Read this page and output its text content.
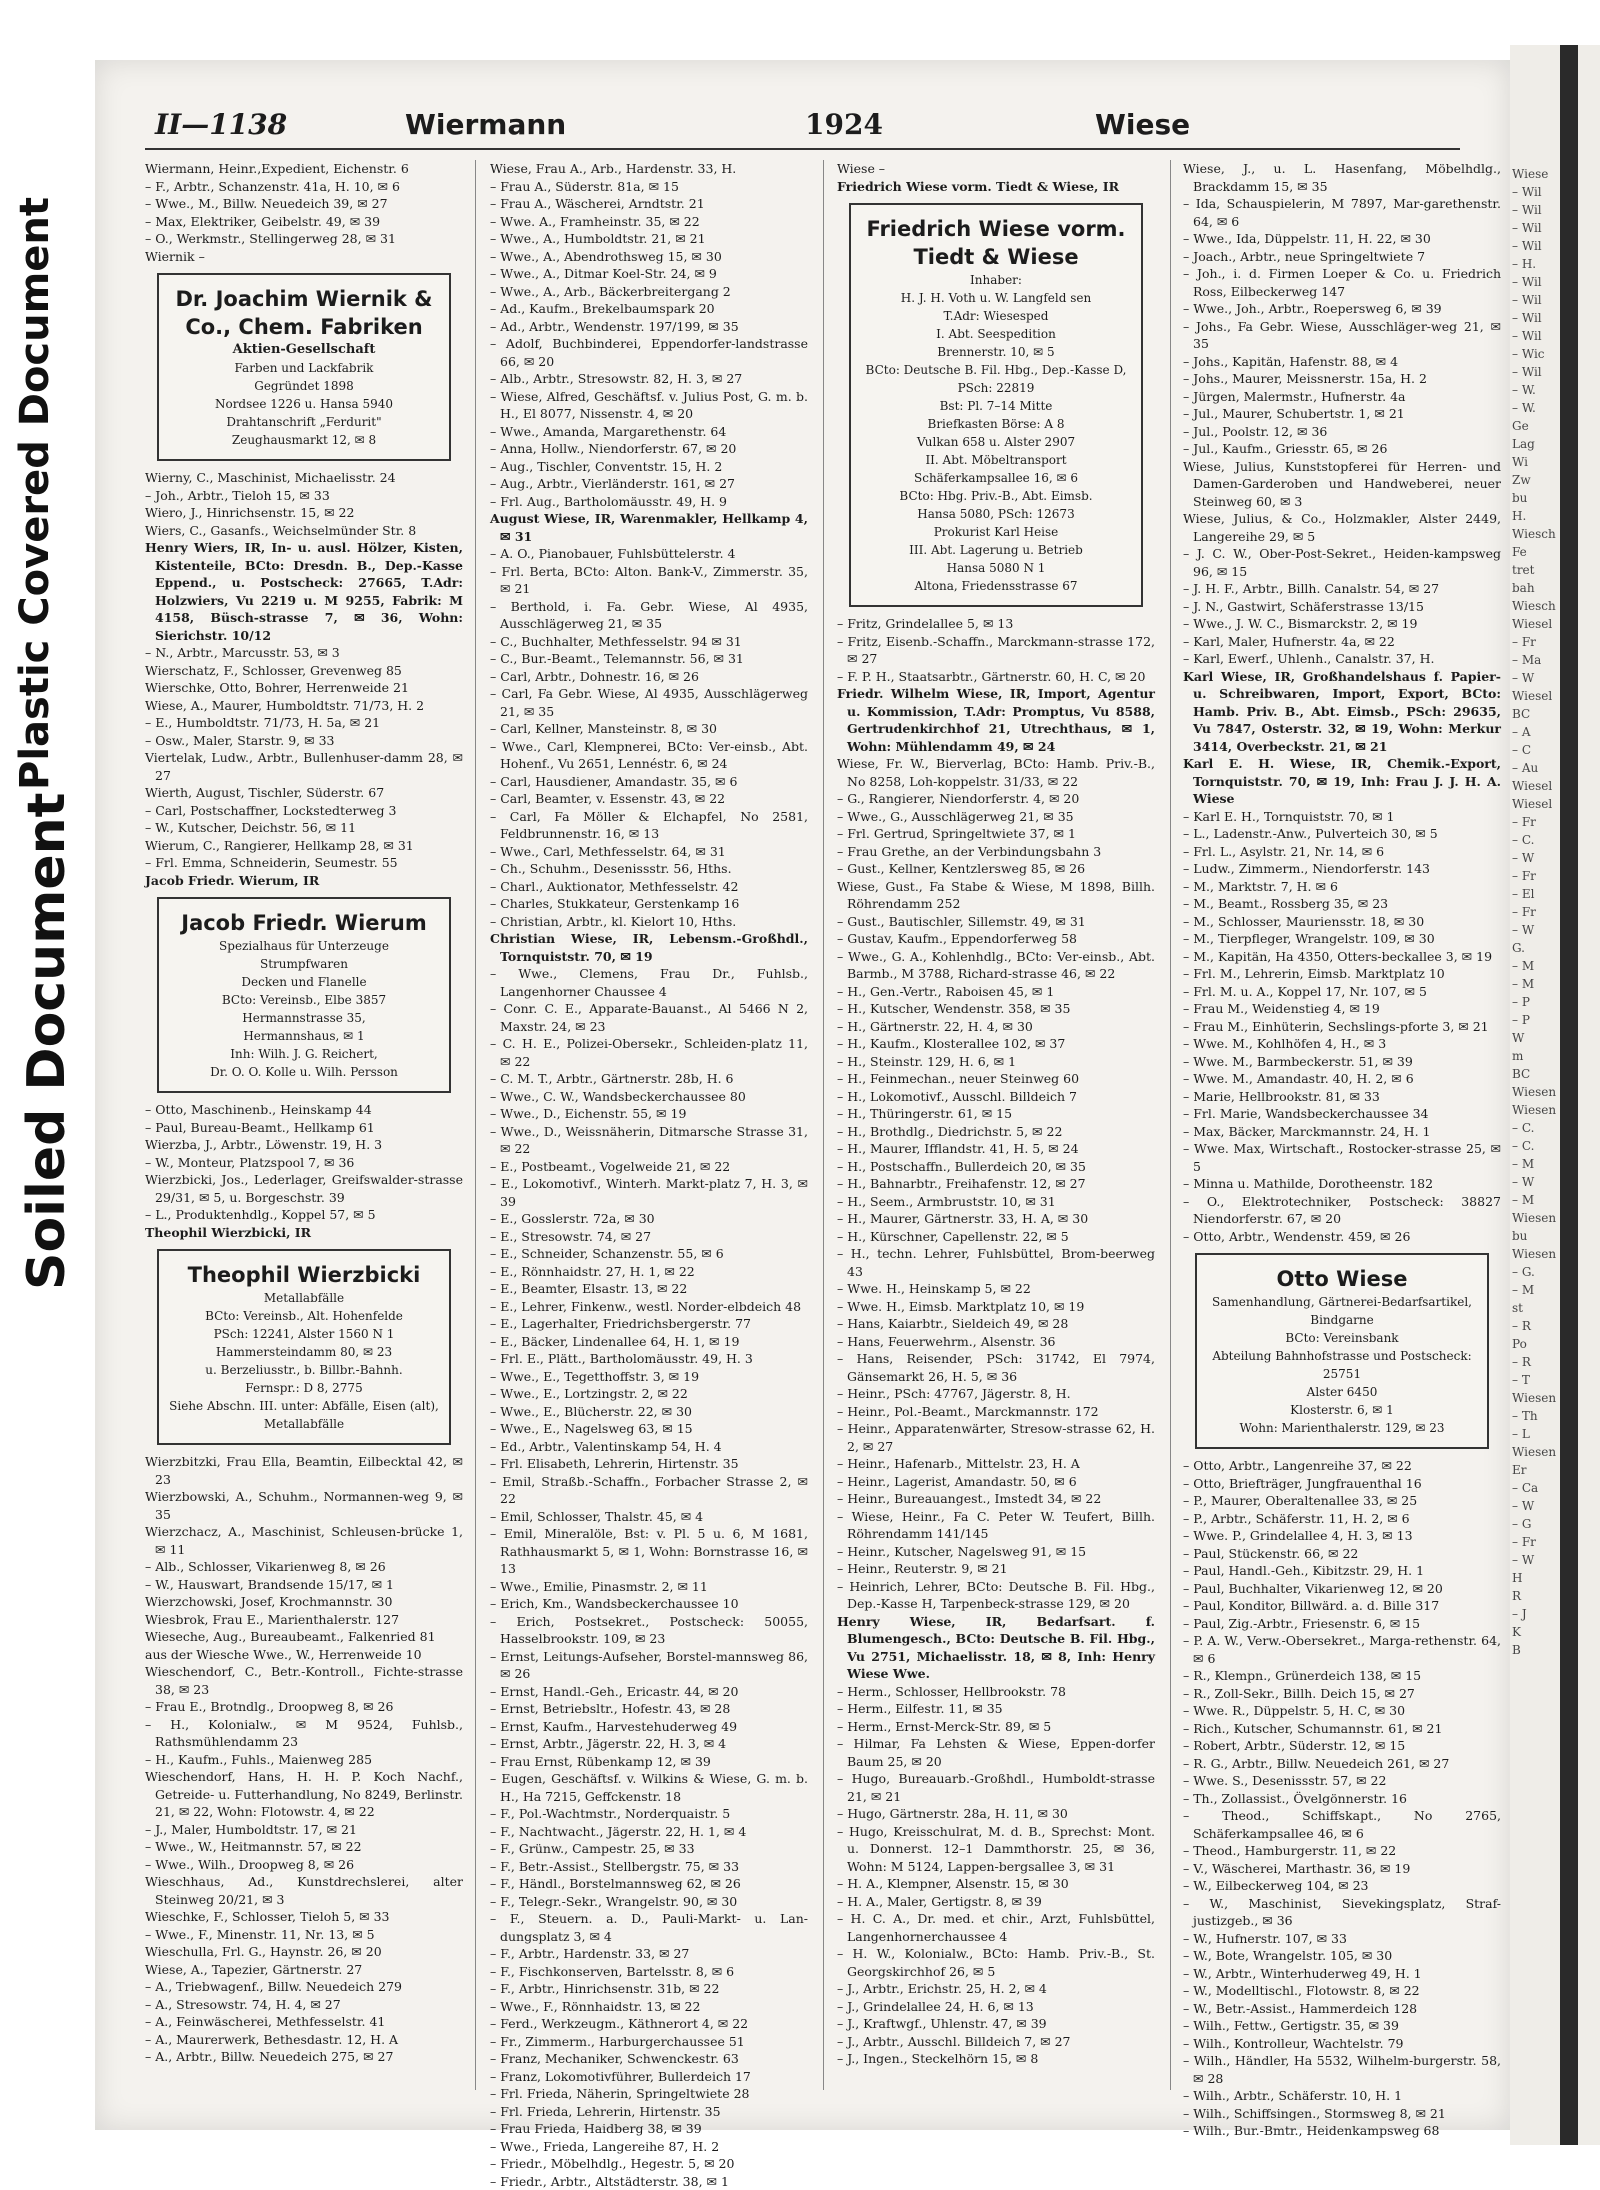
Plastic Covered Document
Soiled Document
II—1138	Wiermann	1924	Wiese

Wiermann, Heinr.,Expedient, Eichenstr. 6

– F., Arbtr., Schanzenstr. 41a, H. 10, ✉ 6

– Wwe., M., Billw. Neuedeich 39, ✉ 27

– Max, Elektriker, Geibelstr. 49, ✉ 39

– O., Werkmstr., Stellingerweg 28, ✉ 31

Wiernik –

Dr. Joachim Wiernik & Co., Chem. Fabriken
Aktien-Gesellschaft

Farben und Lackfabrik

Gegründet 1898

Nordsee 1226 u. Hansa 5940

Drahtanschrift „Ferdurit"

Zeughausmarkt 12, ✉ 8

Wierny, C., Maschinist, Michaelisstr. 24

– Joh., Arbtr., Tieloh 15, ✉ 33

Wiero, J., Hinrichsenstr. 15, ✉ 22

Wiers, C., Gasanfs., Weichselmünder Str. 8

Henry Wiers, IR, In- u. ausl. Hölzer, Kisten, Kistenteile, BCto: Dresdn. B., Dep.-Kasse Eppend., u. Postscheck: 27665, T.Adr: Holzwiers, Vu 2219 u. M 9255, Fabrik: M 4158, Büsch-strasse 7, ✉ 36, Wohn: Sierichstr. 10/12

– N., Arbtr., Marcusstr. 53, ✉ 3

Wierschatz, F., Schlosser, Grevenweg 85

Wierschke, Otto, Bohrer, Herrenweide 21

Wiese, A., Maurer, Humboldtstr. 71/73, H. 2

– E., Humboldtstr. 71/73, H. 5a, ✉ 21

– Osw., Maler, Starstr. 9, ✉ 33

Viertelak, Ludw., Arbtr., Bullenhuser-damm 28, ✉ 27

Wierth, August, Tischler, Süderstr. 67

– Carl, Postschaffner, Lockstedterweg 3

– W., Kutscher, Deichstr. 56, ✉ 11

Wierum, C., Rangierer, Hellkamp 28, ✉ 31

– Frl. Emma, Schneiderin, Seumestr. 55

Jacob Friedr. Wierum, IR

Jacob Friedr. Wierum

Spezialhaus für Unterzeuge

Strumpfwaren

Decken und Flanelle

BCto: Vereinsb., Elbe 3857

Hermannstrasse 35,

Hermannshaus, ✉ 1

Inh: Wilh. J. G. Reichert,

Dr. O. O. Kolle u. Wilh. Persson

– Otto, Maschinenb., Heinskamp 44

– Paul, Bureau-Beamt., Hellkamp 61

Wierzba, J., Arbtr., Löwenstr. 19, H. 3

– W., Monteur, Platzspool 7, ✉ 36

Wierzbicki, Jos., Lederlager, Greifswalder-strasse 29/31, ✉ 5, u. Borgeschstr. 39

– L., Produktenhdlg., Koppel 57, ✉ 5

Theophil Wierzbicki, IR

Theophil Wierzbicki

Metallabfälle

BCto: Vereinsb., Alt. Hohenfelde

PSch: 12241, Alster 1560 N 1

Hammersteindamm 80, ✉ 23

u. Berzeliusstr., b. Billbr.-Bahnh.

Fernspr.: D 8, 2775

Siehe Abschn. III. unter: Abfälle, Eisen (alt), Metallabfälle

Wierzbitzki, Frau Ella, Beamtin, Eilbecktal 42, ✉ 23

Wierzbowski, A., Schuhm., Normannen-weg 9, ✉ 35

Wierzchacz, A., Maschinist, Schleusen-brücke 1, ✉ 11

– Alb., Schlosser, Vikarienweg 8, ✉ 26

– W., Hauswart, Brandsende 15/17, ✉ 1

Wierzchowski, Josef, Krochmannstr. 30

Wiesbrok, Frau E., Marienthalerstr. 127

Wieseche, Aug., Bureaubeamt., Falkenried 81

aus der Wiesche Wwe., W., Herrenweide 10

Wieschendorf, C., Betr.-Kontroll., Fichte-strasse 38, ✉ 23

– Frau E., Brotndlg., Droopweg 8, ✉ 26

– H., Kolonialw., ✉ M 9524, Fuhlsb., Rathsmühlendamm 23

– H., Kaufm., Fuhls., Maienweg 285

Wieschendorf, Hans, H. H. P. Koch Nachf., Getreide- u. Futterhandlung, No 8249, Berlinstr. 21, ✉ 22, Wohn: Flotowstr. 4, ✉ 22

– J., Maler, Humboldtstr. 17, ✉ 21

– Wwe., W., Heitmannstr. 57, ✉ 22

– Wwe., Wilh., Droopweg 8, ✉ 26

Wieschhaus, Ad., Kunstdrechslerei, alter Steinweg 20/21, ✉ 3

Wieschke, F., Schlosser, Tieloh 5, ✉ 33

– Wwe., F., Minenstr. 11, Nr. 13, ✉ 5

Wieschulla, Frl. G., Haynstr. 26, ✉ 20

Wiese, A., Tapezier, Gärtnerstr. 27

– A., Triebwagenf., Billw. Neuedeich 279

– A., Stresowstr. 74, H. 4, ✉ 27

– A., Feinwäscherei, Methfesselstr. 41

– A., Maurerwerk, Bethesdastr. 12, H. A

– A., Arbtr., Billw. Neuedeich 275, ✉ 27

Wiese, Frau A., Arb., Hardenstr. 33, H.

– Frau A., Süderstr. 81a, ✉ 15

– Frau A., Wäscherei, Arndtstr. 21

– Wwe. A., Framheinstr. 35, ✉ 22

– Wwe., A., Humboldtstr. 21, ✉ 21

– Wwe., A., Abendrothsweg 15, ✉ 30

– Wwe., A., Ditmar Koel-Str. 24, ✉ 9

– Wwe., A., Arb., Bäckerbreitergang 2

– Ad., Kaufm., Brekelbaumspark 20

– Ad., Arbtr., Wendenstr. 197/199, ✉ 35

– Adolf, Buchbinderei, Eppendorfer-landstrasse 66, ✉ 20

– Alb., Arbtr., Stresowstr. 82, H. 3, ✉ 27

– Wiese, Alfred, Geschäftsf. v. Julius Post, G. m. b. H., El 8077, Nissenstr. 4, ✉ 20

– Wwe., Amanda, Margarethenstr. 64

– Anna, Hollw., Niendorferstr. 67, ✉ 20

– Aug., Tischler, Conventstr. 15, H. 2

– Aug., Arbtr., Vierländerstr. 161, ✉ 27

– Frl. Aug., Bartholomäusstr. 49, H. 9

August Wiese, IR, Warenmakler, Hellkamp 4, ✉ 31

– A. O., Pianobauer, Fuhlsbüttelerstr. 4

– Frl. Berta, BCto: Alton. Bank-V., Zimmerstr. 35, ✉ 21

– Berthold, i. Fa. Gebr. Wiese, Al 4935, Ausschlägerweg 21, ✉ 35

– C., Buchhalter, Methfesselstr. 94 ✉ 31

– C., Bur.-Beamt., Telemannstr. 56, ✉ 31

– Carl, Arbtr., Dohnestr. 16, ✉ 26

– Carl, Fa Gebr. Wiese, Al 4935, Ausschlägerweg 21, ✉ 35

– Carl, Kellner, Mansteinstr. 8, ✉ 30

– Wwe., Carl, Klempnerei, BCto: Ver-einsb., Abt. Hohenf., Vu 2651, Lennéstr. 6, ✉ 24

– Carl, Hausdiener, Amandastr. 35, ✉ 6

– Carl, Beamter, v. Essenstr. 43, ✉ 22

– Carl, Fa Möller & Elchapfel, No 2581, Feldbrunnenstr. 16, ✉ 13

– Wwe., Carl, Methfesselstr. 64, ✉ 31

– Ch., Schuhm., Desenissstr. 56, Hths.

– Charl., Auktionator, Methfesselstr. 42

– Charles, Stukkateur, Gerstenkamp 16

– Christian, Arbtr., kl. Kielort 10, Hths.

Christian Wiese, IR, Lebensm.-Großhdl., Tornquiststr. 70, ✉ 19

– Wwe., Clemens, Frau Dr., Fuhlsb., Langenhorner Chaussee 4

– Conr. C. E., Apparate-Bauanst., Al 5466 N 2, Maxstr. 24, ✉ 23

– C. H. E., Polizei-Obersekr., Schleiden-platz 11, ✉ 22

– C. M. T., Arbtr., Gärtnerstr. 28b, H. 6

– Wwe., C. W., Wandsbeckerchaussee 80

– Wwe., D., Eichenstr. 55, ✉ 19

– Wwe., D., Weissnäherin, Ditmarsche Strasse 31, ✉ 22

– E., Postbeamt., Vogelweide 21, ✉ 22

– E., Lokomotivf., Winterh. Markt-platz 7, H. 3, ✉ 39

– E., Gosslerstr. 72a, ✉ 30

– E., Stresowstr. 74, ✉ 27

– E., Schneider, Schanzenstr. 55, ✉ 6

– E., Rönnhaidstr. 27, H. 1, ✉ 22

– E., Beamter, Elsastr. 13, ✉ 22

– E., Lehrer, Finkenw., westl. Norder-elbdeich 48

– E., Lagerhalter, Friedrichsbergerstr. 77

– E., Bäcker, Lindenallee 64, H. 1, ✉ 19

– Frl. E., Plätt., Bartholomäusstr. 49, H. 3

– Wwe., E., Tegetthoffstr. 3, ✉ 19

– Wwe., E., Lortzingstr. 2, ✉ 22

– Wwe., E., Blücherstr. 22, ✉ 30

– Wwe., E., Nagelsweg 63, ✉ 15

– Ed., Arbtr., Valentinskamp 54, H. 4

– Frl. Elisabeth, Lehrerin, Hirtenstr. 35

– Emil, Straßb.-Schaffn., Forbacher Strasse 2, ✉ 22

– Emil, Schlosser, Thalstr. 45, ✉ 4

– Emil, Mineralöle, Bst: v. Pl. 5 u. 6, M 1681, Rathhausmarkt 5, ✉ 1, Wohn: Bornstrasse 16, ✉ 13

– Wwe., Emilie, Pinasmstr. 2, ✉ 11

– Erich, Km., Wandsbeckerchaussee 10

– Erich, Postsekret., Postscheck: 50055, Hasselbrookstr. 109, ✉ 23

– Ernst, Leitungs-Aufseher, Borstel-mannsweg 86, ✉ 26

– Ernst, Handl.-Geh., Ericastr. 44, ✉ 20

– Ernst, Betriebsltr., Hofestr. 43, ✉ 28

– Ernst, Kaufm., Harvestehuderweg 49

– Ernst, Arbtr., Jägerstr. 22, H. 3, ✉ 4

– Frau Ernst, Rübenkamp 12, ✉ 39

– Eugen, Geschäftsf. v. Wilkins & Wiese, G. m. b. H., Ha 7215, Geffckenstr. 18

– F., Pol.-Wachtmstr., Norderquaistr. 5

– F., Nachtwacht., Jägerstr. 22, H. 1, ✉ 4

– F., Grünw., Campestr. 25, ✉ 33

– F., Betr.-Assist., Stellbergstr. 75, ✉ 33

– F., Händl., Borstelmannsweg 62, ✉ 26

– F., Telegr.-Sekr., Wrangelstr. 90, ✉ 30

– F., Steuern. a. D., Pauli-Markt- u. Lan-dungsplatz 3, ✉ 4

– F., Arbtr., Hardenstr. 33, ✉ 27

– F., Fischkonserven, Bartelsstr. 8, ✉ 6

– F., Arbtr., Hinrichsenstr. 31b, ✉ 22

– Wwe., F., Rönnhaidstr. 13, ✉ 22

– Ferd., Werkzeugm., Käthnerort 4, ✉ 22

– Fr., Zimmerm., Harburgerchaussee 51

– Franz, Mechaniker, Schwenckestr. 63

– Franz, Lokomotivführer, Bullerdeich 17

– Frl. Frieda, Näherin, Springeltwiete 28

– Frl. Frieda, Lehrerin, Hirtenstr. 35

– Frau Frieda, Haidberg 38, ✉ 39

– Wwe., Frieda, Langereihe 87, H. 2

– Friedr., Möbelhdlg., Hegestr. 5, ✉ 20

– Friedr., Arbtr., Altstädterstr. 38, ✉ 1

Wiese –

Friedrich Wiese vorm. Tiedt & Wiese, IR

Friedrich Wiese vorm. Tiedt & Wiese

Inhaber:

H. J. H. Voth u. W. Langfeld sen

T.Adr: Wiesesped

I. Abt. Seespedition

Brennerstr. 10, ✉ 5

BCto: Deutsche B. Fil. Hbg., Dep.-Kasse D, PSch: 22819

Bst: Pl. 7–14 Mitte

Briefkasten Börse: A 8

Vulkan 658 u. Alster 2907

II. Abt. Möbeltransport

Schäferkampsallee 16, ✉ 6

BCto: Hbg. Priv.-B., Abt. Eimsb.

Hansa 5080, PSch: 12673

Prokurist Karl Heise

III. Abt. Lagerung u. Betrieb

Hansa 5080 N 1

Altona, Friedensstrasse 67

– Fritz, Grindelallee 5, ✉ 13

– Fritz, Eisenb.-Schaffn., Marckmann-strasse 172, ✉ 27

– F. P. H., Staatsarbtr., Gärtnerstr. 60, H. C, ✉ 20

Friedr. Wilhelm Wiese, IR, Import, Agentur u. Kommission, T.Adr: Promptus, Vu 8588, Gertrudenkirchhof 21, Utrechthaus, ✉ 1, Wohn: Mühlendamm 49, ✉ 24

Wiese, Fr. W., Bierverlag, BCto: Hamb. Priv.-B., No 8258, Loh-koppelstr. 31/33, ✉ 22

– G., Rangierer, Niendorferstr. 4, ✉ 20

– Wwe., G., Ausschlägerweg 21, ✉ 35

– Frl. Gertrud, Springeltwiete 37, ✉ 1

– Frau Grethe, an der Verbindungsbahn 3

– Gust., Kellner, Kentzlersweg 85, ✉ 26

Wiese, Gust., Fa Stabe & Wiese, M 1898, Billh. Röhrendamm 252

– Gust., Bautischler, Sillemstr. 49, ✉ 31

– Gustav, Kaufm., Eppendorferweg 58

– Wwe., G. A., Kohlenhdlg., BCto: Ver-einsb., Abt. Barmb., M 3788, Richard-strasse 46, ✉ 22

– H., Gen.-Vertr., Raboisen 45, ✉ 1

– H., Kutscher, Wendenstr. 358, ✉ 35

– H., Gärtnerstr. 22, H. 4, ✉ 30

– H., Kaufm., Klosterallee 102, ✉ 37

– H., Steinstr. 129, H. 6, ✉ 1

– H., Feinmechan., neuer Steinweg 60

– H., Lokomotivf., Ausschl. Billdeich 7

– H., Thüringerstr. 61, ✉ 15

– H., Brothdlg., Diedrichstr. 5, ✉ 22

– H., Maurer, Ifflandstr. 41, H. 5, ✉ 24

– H., Postschaffn., Bullerdeich 20, ✉ 35

– H., Bahnarbtr., Freihafenstr. 12, ✉ 27

– H., Seem., Armbruststr. 10, ✉ 31

– H., Maurer, Gärtnerstr. 33, H. A, ✉ 30

– H., Kürschner, Capellenstr. 22, ✉ 5

– H., techn. Lehrer, Fuhlsbüttel, Brom-beerweg 43

– Wwe. H., Heinskamp 5, ✉ 22

– Wwe. H., Eimsb. Marktplatz 10, ✉ 19

– Hans, Kaiarbtr., Sieldeich 49, ✉ 28

– Hans, Feuerwehrm., Alsenstr. 36

– Hans, Reisender, PSch: 31742, El 7974, Gänsemarkt 26, H. 5, ✉ 36

– Heinr., PSch: 47767, Jägerstr. 8, H.

– Heinr., Pol.-Beamt., Marckmannstr. 172

– Heinr., Apparatenwärter, Stresow-strasse 62, H. 2, ✉ 27

– Heinr., Hafenarb., Mittelstr. 23, H. A

– Heinr., Lagerist, Amandastr. 50, ✉ 6

– Heinr., Bureauangest., Imstedt 34, ✉ 22

– Wiese, Heinr., Fa C. Peter W. Teufert, Billh. Röhrendamm 141/145

– Heinr., Kutscher, Nagelsweg 91, ✉ 15

– Heinr., Reuterstr. 9, ✉ 21

– Heinrich, Lehrer, BCto: Deutsche B. Fil. Hbg., Dep.-Kasse H, Tarpenbeck-strasse 129, ✉ 20

Henry Wiese, IR, Bedarfsart. f. Blumengesch., BCto: Deutsche B. Fil. Hbg., Vu 2751, Michaelisstr. 18, ✉ 8, Inh: Henry Wiese Wwe.

– Herm., Schlosser, Hellbrookstr. 78

– Herm., Eilfestr. 11, ✉ 35

– Herm., Ernst-Merck-Str. 89, ✉ 5

– Hilmar, Fa Lehsten & Wiese, Eppen-dorfer Baum 25, ✉ 20

– Hugo, Bureauarb.-Großhdl., Humboldt-strasse 21, ✉ 21

– Hugo, Gärtnerstr. 28a, H. 11, ✉ 30

– Hugo, Kreisschulrat, M. d. B., Sprechst: Mont. u. Donnerst. 12–1 Dammthorstr. 25, ✉ 36, Wohn: M 5124, Lappen-bergsallee 3, ✉ 31

– H. A., Klempner, Alsenstr. 15, ✉ 30

– H. A., Maler, Gertigstr. 8, ✉ 39

– H. C. A., Dr. med. et chir., Arzt, Fuhlsbüttel, Langenhornerchaussee 4

– H. W., Kolonialw., BCto: Hamb. Priv.-B., St. Georgskirchhof 26, ✉ 5

– J., Arbtr., Erichstr. 25, H. 2, ✉ 4

– J., Grindelallee 24, H. 6, ✉ 13

– J., Kraftwgf., Uhlenstr. 47, ✉ 39

– J., Arbtr., Ausschl. Billdeich 7, ✉ 27

– J., Ingen., Steckelhörn 15, ✉ 8

Wiese, J., u. L. Hasenfang, Möbelhdlg., Brackdamm 15, ✉ 35

– Ida, Schauspielerin, M 7897, Mar-garethenstr. 64, ✉ 6

– Wwe., Ida, Düppelstr. 11, H. 22, ✉ 30

– Joach., Arbtr., neue Springeltwiete 7

– Joh., i. d. Firmen Loeper & Co. u. Friedrich Ross, Eilbeckerweg 147

– Wwe., Joh., Arbtr., Roepersweg 6, ✉ 39

– Johs., Fa Gebr. Wiese, Ausschläger-weg 21, ✉ 35

– Johs., Kapitän, Hafenstr. 88, ✉ 4

– Johs., Maurer, Meissnerstr. 15a, H. 2

– Jürgen, Malermstr., Hufnerstr. 4a

– Jul., Maurer, Schubertstr. 1, ✉ 21

– Jul., Poolstr. 12, ✉ 36

– Jul., Kaufm., Griesstr. 65, ✉ 26

Wiese, Julius, Kunststopferei für Herren- und Damen-Garderoben und Handweberei, neuer Steinweg 60, ✉ 3

Wiese, Julius, & Co., Holzmakler, Alster 2449, Langereihe 29, ✉ 5

– J. C. W., Ober-Post-Sekret., Heiden-kampsweg 96, ✉ 15

– J. H. F., Arbtr., Billh. Canalstr. 54, ✉ 27

– J. N., Gastwirt, Schäferstrasse 13/15

– Wwe., J. W. C., Bismarckstr. 2, ✉ 19

– Karl, Maler, Hufnerstr. 4a, ✉ 22

– Karl, Ewerf., Uhlenh., Canalstr. 37, H.

Karl Wiese, IR, Großhandelshaus f. Papier- u. Schreibwaren, Import, Export, BCto: Hamb. Priv. B., Abt. Eimsb., PSch: 29635, Vu 7847, Osterstr. 32, ✉ 19, Wohn: Merkur 3414, Overbeckstr. 21, ✉ 21

Karl E. H. Wiese, IR, Chemik.-Export, Tornquiststr. 70, ✉ 19, Inh: Frau J. J. H. A. Wiese

– Karl E. H., Tornquiststr. 70, ✉ 1

– L., Ladenstr.-Anw., Pulverteich 30, ✉ 5

– Frl. L., Asylstr. 21, Nr. 14, ✉ 6

– Ludw., Zimmerm., Niendorferstr. 143

– M., Marktstr. 7, H. ✉ 6

– M., Beamt., Rossberg 35, ✉ 23

– M., Schlosser, Mauriensstr. 18, ✉ 30

– M., Tierpfleger, Wrangelstr. 109, ✉ 30

– M., Kapitän, Ha 4350, Otters-beckallee 3, ✉ 19

– Frl. M., Lehrerin, Eimsb. Marktplatz 10

– Frl. M. u. A., Koppel 17, Nr. 107, ✉ 5

– Frau M., Weidenstieg 4, ✉ 19

– Frau M., Einhüterin, Sechslings-pforte 3, ✉ 21

– Wwe. M., Kohlhöfen 4, H., ✉ 3

– Wwe. M., Barmbeckerstr. 51, ✉ 39

– Wwe. M., Amandastr. 40, H. 2, ✉ 6

– Marie, Hellbrookstr. 81, ✉ 33

– Frl. Marie, Wandsbeckerchaussee 34

– Max, Bäcker, Marckmannstr. 24, H. 1

– Wwe. Max, Wirtschaft., Rostocker-strasse 25, ✉ 5

– Minna u. Mathilde, Dorotheenstr. 182

– O., Elektrotechniker, Postscheck: 38827 Niendorferstr. 67, ✉ 20

– Otto, Arbtr., Wendenstr. 459, ✉ 26

Otto Wiese

Samenhandlung, Gärtnerei-Bedarfsartikel, Bindgarne

BCto: Vereinsbank

Abteilung Bahnhofstrasse und Postscheck: 25751

Alster 6450

Klosterstr. 6, ✉ 1

Wohn: Marienthalerstr. 129, ✉ 23

– Otto, Arbtr., Langenreihe 37, ✉ 22

– Otto, Briefträger, Jungfrauenthal 16

– P., Maurer, Oberaltenallee 33, ✉ 25

– P., Arbtr., Schäferstr. 11, H. 2, ✉ 6

– Wwe. P., Grindelallee 4, H. 3, ✉ 13

– Paul, Stückenstr. 66, ✉ 22

– Paul, Handl.-Geh., Kibitzstr. 29, H. 1

– Paul, Buchhalter, Vikarienweg 12, ✉ 20

– Paul, Konditor, Billwärd. a. d. Bille 317

– Paul, Zig.-Arbtr., Friesenstr. 6, ✉ 15

– P. A. W., Verw.-Obersekret., Marga-rethenstr. 64, ✉ 6

– R., Klempn., Grünerdeich 138, ✉ 15

– R., Zoll-Sekr., Billh. Deich 15, ✉ 27

– Wwe. R., Düppelstr. 5, H. C, ✉ 30

– Rich., Kutscher, Schumannstr. 61, ✉ 21

– Robert, Arbtr., Süderstr. 12, ✉ 15

– R. G., Arbtr., Billw. Neuedeich 261, ✉ 27

– Wwe. S., Desenissstr. 57, ✉ 22

– Th., Zollassist., Övelgönnerstr. 16

– Theod., Schiffskapt., No 2765, Schäferkampsallee 46, ✉ 6

– Theod., Hamburgerstr. 11, ✉ 22

– V., Wäscherei, Marthastr. 36, ✉ 19

– W., Eilbeckerweg 104, ✉ 23

– W., Maschinist, Sievekingsplatz, Straf-justizgeb., ✉ 36

– W., Hufnerstr. 107, ✉ 33

– W., Bote, Wrangelstr. 105, ✉ 30

– W., Arbtr., Winterhuderweg 49, H. 1

– W., Modelltischl., Flotowstr. 8, ✉ 22

– W., Betr.-Assist., Hammerdeich 128

– Wilh., Fettw., Gertigstr. 35, ✉ 39

– Wilh., Kontrolleur, Wachtelstr. 79

– Wilh., Händler, Ha 5532, Wilhelm-burgerstr. 58, ✉ 28

– Wilh., Arbtr., Schäferstr. 10, H. 1

– Wilh., Schiffsingen., Stormsweg 8, ✉ 21

– Wilh., Bur.-Bmtr., Heidenkampsweg 68

Wiese
– Wil
– Wil
– Wil
– Wil
– H.
– Wil
– Wil
– Wil
– Wil
– Wic
– Wil
– W.
– W.
Ge
Lag
Wi
Zw
bu
H.
Wiesch
Fe
tret
bah
Wiesch
Wiesel
– Fr
– Ma
– W
Wiesel
BC
– A
– C
– Au
Wiesel
Wiesel
– Fr
– C.
– W
– Fr
– El
– Fr
– W
G.
– M
– M
– P
– P
W
m
BC
Wiesen
Wiesen
– C.
– C.
– M
– W
– M
Wiesen
bu
Wiesen
– G.
– M
st
– R
Po
– R
– T
Wiesen
– Th
– L
Wiesen
Er
– Ca
– W
– G
– Fr
– W
H
R
– J
K
B
